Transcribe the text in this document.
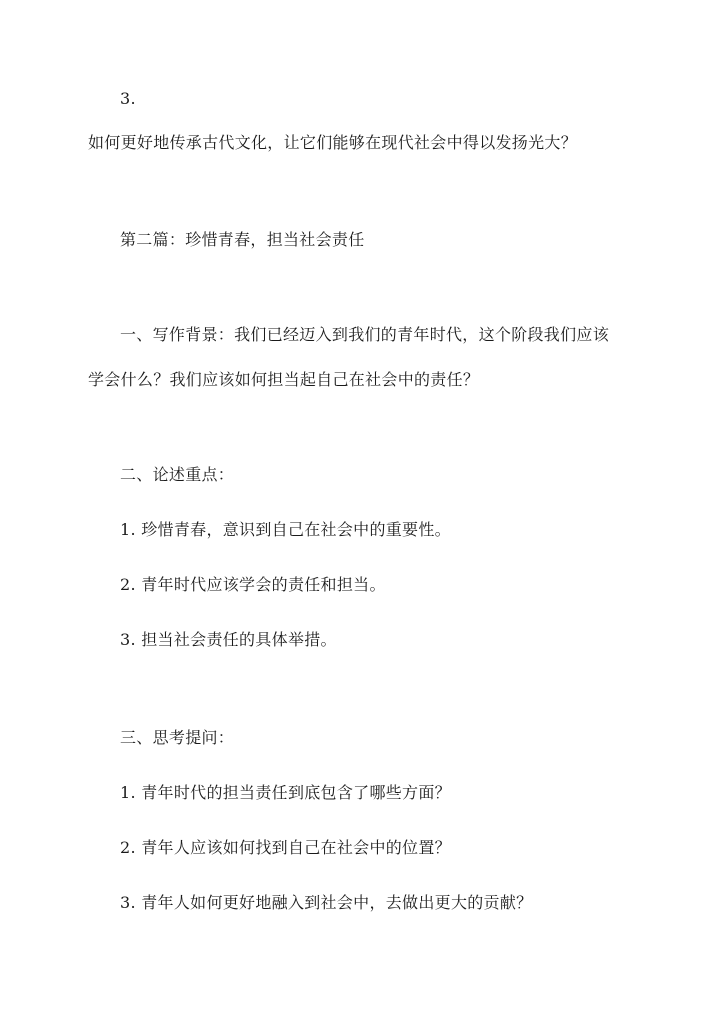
3.
如何更好地传承古代文化，让它们能够在现代社会中得以发扬光大？
第二篇：珍惜青春，担当社会责任
一、写作背景：我们已经迈入到我们的青年时代，这个阶段我们应该
学会什么？我们应该如何担当起自己在社会中的责任？
二、论述重点：
1. 珍惜青春，意识到自己在社会中的重要性。
2. 青年时代应该学会的责任和担当。
3. 担当社会责任的具体举措。
三、思考提问：
1. 青年时代的担当责任到底包含了哪些方面？
2. 青年人应该如何找到自己在社会中的位置？
3. 青年人如何更好地融入到社会中，去做出更大的贡献？
